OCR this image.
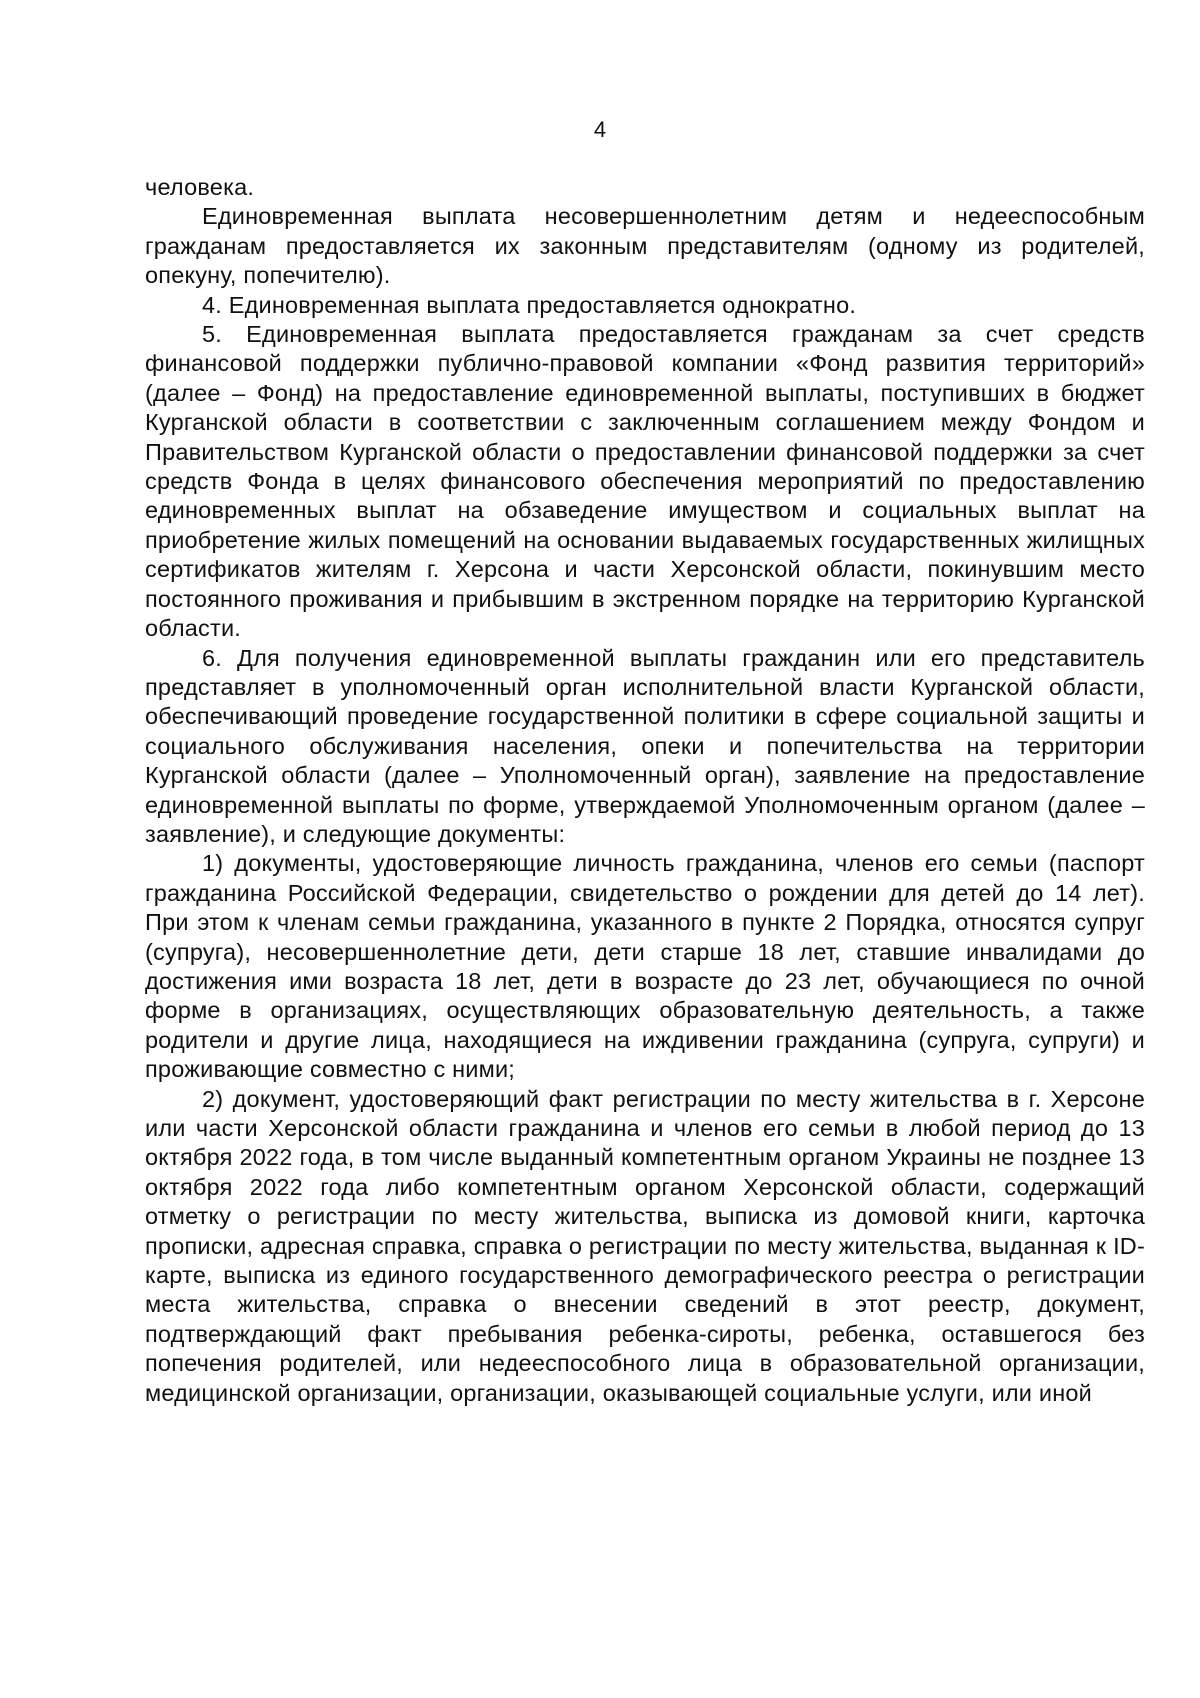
4

человека.

Единовременная выплата несовершеннолетним детям и недееспособным гражданам предоставляется их законным представителям (одному из родителей, опекуну, попечителю).

4. Единовременная выплата предоставляется однократно.

5. Единовременная выплата предоставляется гражданам за счет средств финансовой поддержки публично-правовой компании «Фонд развития территорий» (далее – Фонд) на предоставление единовременной выплаты, поступивших в бюджет Курганской области в соответствии с заключенным соглашением между Фондом и Правительством Курганской области о предоставлении финансовой поддержки за счет средств Фонда в целях финансового обеспечения мероприятий по предоставлению единовременных выплат на обзаведение имуществом и социальных выплат на приобретение жилых помещений на основании выдаваемых государственных жилищных сертификатов жителям г. Херсона и части Херсонской области, покинувшим место постоянного проживания и прибывшим в экстренном порядке на территорию Курганской области.

6. Для получения единовременной выплаты гражданин или его представитель представляет в уполномоченный орган исполнительной власти Курганской области, обеспечивающий проведение государственной политики в сфере социальной защиты и социального обслуживания населения, опеки и попечительства на территории Курганской области (далее – Уполномоченный орган), заявление на предоставление единовременной выплаты по форме, утверждаемой Уполномоченным органом (далее – заявление), и следующие документы:

1) документы, удостоверяющие личность гражданина, членов его семьи (паспорт гражданина Российской Федерации, свидетельство о рождении для детей до 14 лет). При этом к членам семьи гражданина, указанного в пункте 2 Порядка, относятся супруг (супруга), несовершеннолетние дети, дети старше 18 лет, ставшие инвалидами до достижения ими возраста 18 лет, дети в возрасте до 23 лет, обучающиеся по очной форме в организациях, осуществляющих образовательную деятельность, а также родители и другие лица, находящиеся на иждивении гражданина (супруга, супруги) и проживающие совместно с ними;

2) документ, удостоверяющий факт регистрации по месту жительства в г. Херсоне или части Херсонской области гражданина и членов его семьи в любой период до 13 октября 2022 года, в том числе выданный компетентным органом Украины не позднее 13 октября 2022 года либо компетентным органом Херсонской области, содержащий отметку о регистрации по месту жительства, выписка из домовой книги, карточка прописки, адресная справка, справка о регистрации по месту жительства, выданная к ID-карте, выписка из единого государственного демографического реестра о регистрации места жительства, справка о внесении сведений в этот реестр, документ, подтверждающий факт пребывания ребенка-сироты, ребенка, оставшегося без попечения родителей, или недееспособного лица в образовательной организации, медицинской организации, организации, оказывающей социальные услуги, или иной
